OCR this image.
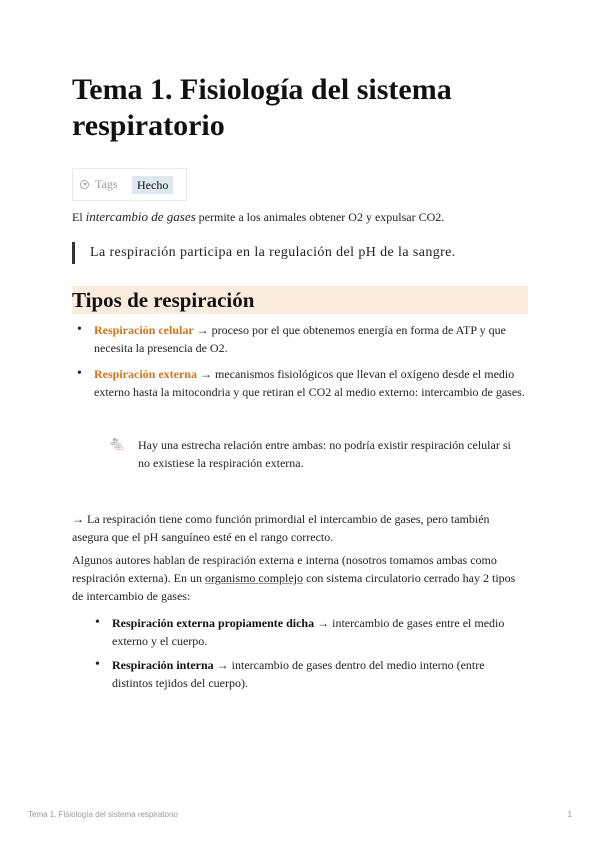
Tema 1. Fisiología del sistema respiratorio
Tags	Hecho

El intercambio de gases permite a los animales obtener O2 y expulsar CO2.

La respiración participa en la regulación del pH de la sangre.
Tipos de respiración
• Respiración celular → proceso por el que obtenemos energía en forma de ATP y que necesita la presencia de O2.
• Respiración externa → mecanismos fisiológicos que llevan el oxígeno desde el medio externo hasta la mitocondria y que retiran el CO2 al medio externo: intercambio de gases.
🐁	Hay una estrecha relación entre ambas: no podría existir respiración celular si no existiese la respiración externa.

→ La respiración tiene como función primordial el intercambio de gases, pero también asegura que el pH sanguíneo esté en el rango correcto.

Algunos autores hablan de respiración externa e interna (nosotros tomamos ambas como respiración externa). En un organismo complejo con sistema circulatorio cerrado hay 2 tipos de intercambio de gases:

• Respiración externa propiamente dicha → intercambio de gases entre el medio externo y el cuerpo.
• Respiración interna → intercambio de gases dentro del medio interno (entre distintos tejidos del cuerpo).
Tema 1. Fisiología del sistema respiratorio	1
